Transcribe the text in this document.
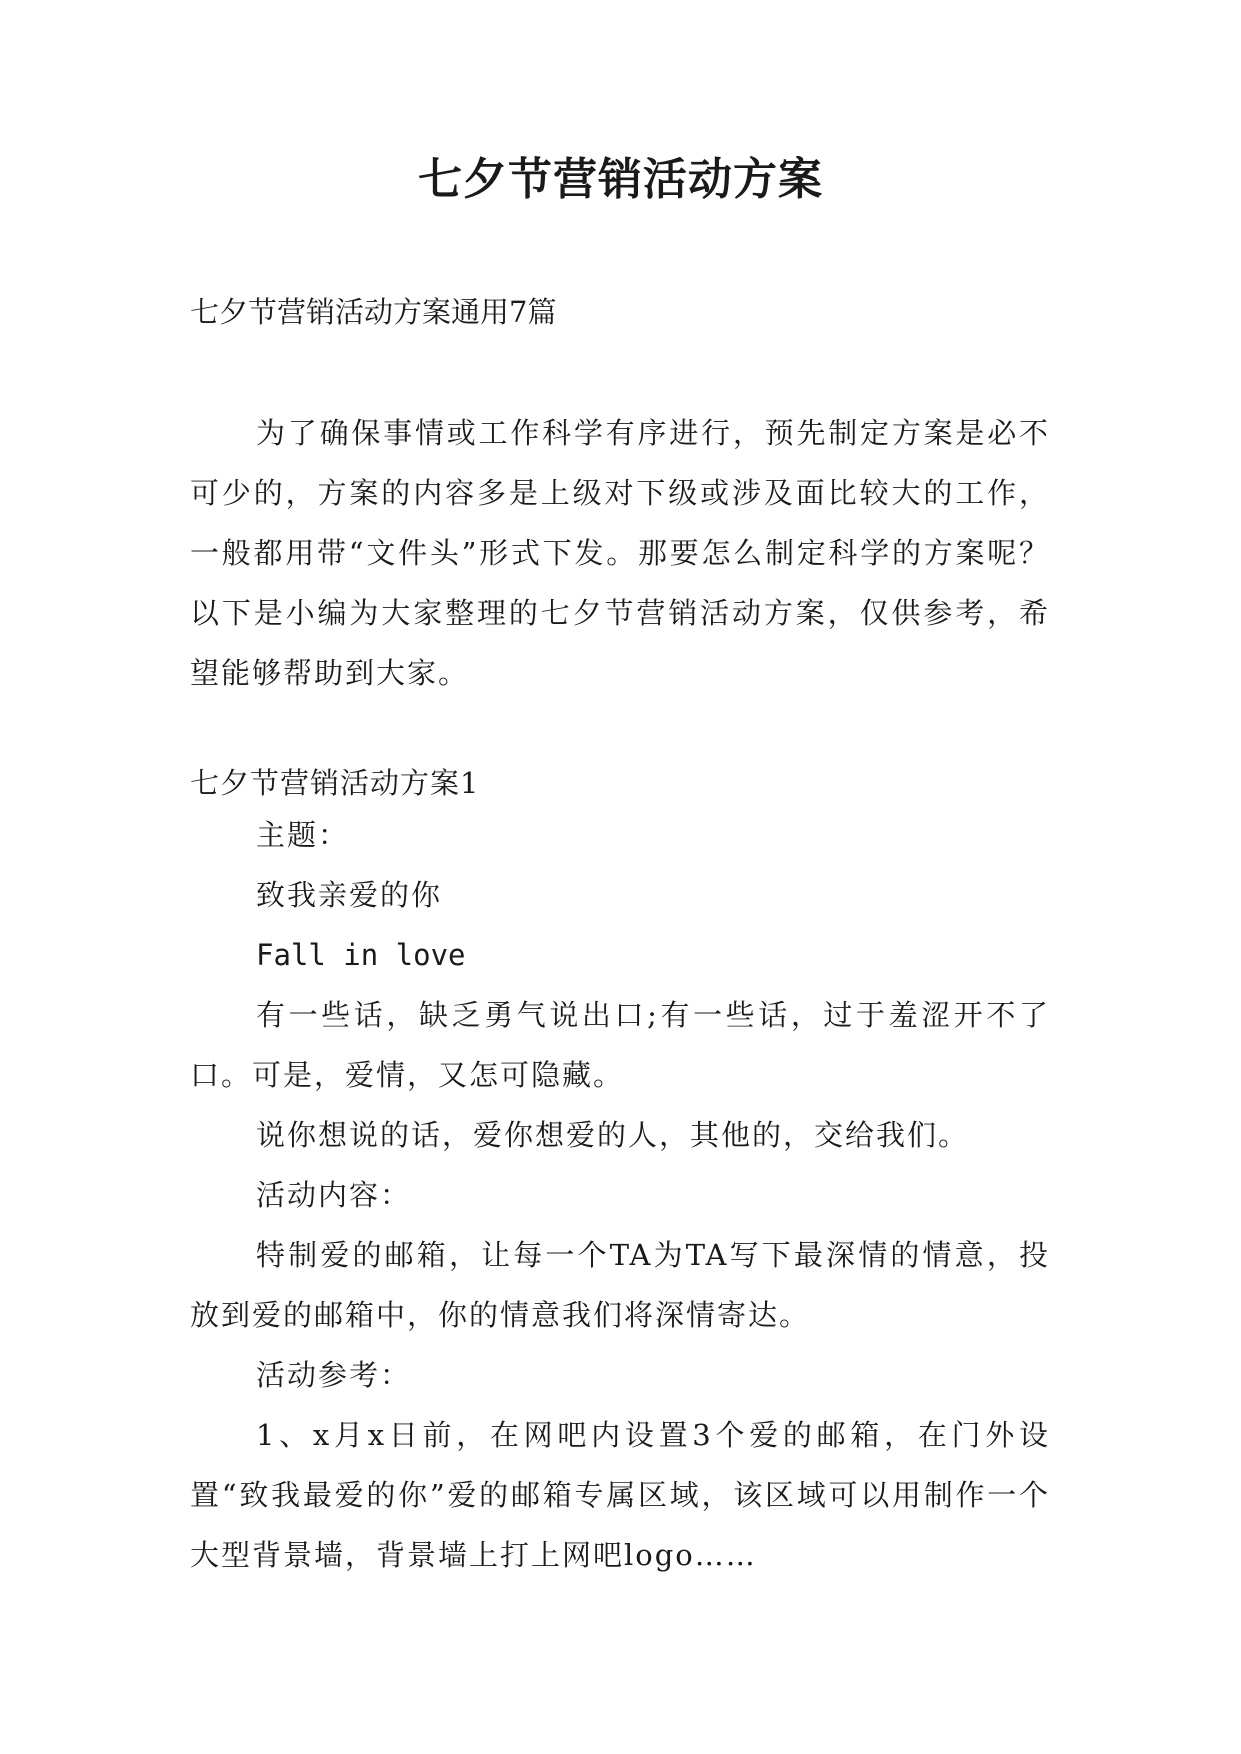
七夕节营销活动方案

七夕节营销活动方案通用7篇

为了确保事情或工作科学有序进行，预先制定方案是必不可少的，方案的内容多是上级对下级或涉及面比较大的工作，一般都用带“文件头”形式下发。那要怎么制定科学的方案呢？以下是小编为大家整理的七夕节营销活动方案，仅供参考，希望能够帮助到大家。

七夕节营销活动方案1

主题：

致我亲爱的你

Fall in love

有一些话，缺乏勇气说出口;有一些话，过于羞涩开不了口。可是，爱情，又怎可隐藏。

说你想说的话，爱你想爱的人，其他的，交给我们。

活动内容：

特制爱的邮箱，让每一个TA为TA写下最深情的情意，投放到爱的邮箱中，你的情意我们将深情寄达。

活动参考：

1、x月x日前，在网吧内设置3个爱的邮箱，在门外设置“致我最爱的你”爱的邮箱专属区域，该区域可以用制作一个大型背景墙，背景墙上打上网吧logo……
